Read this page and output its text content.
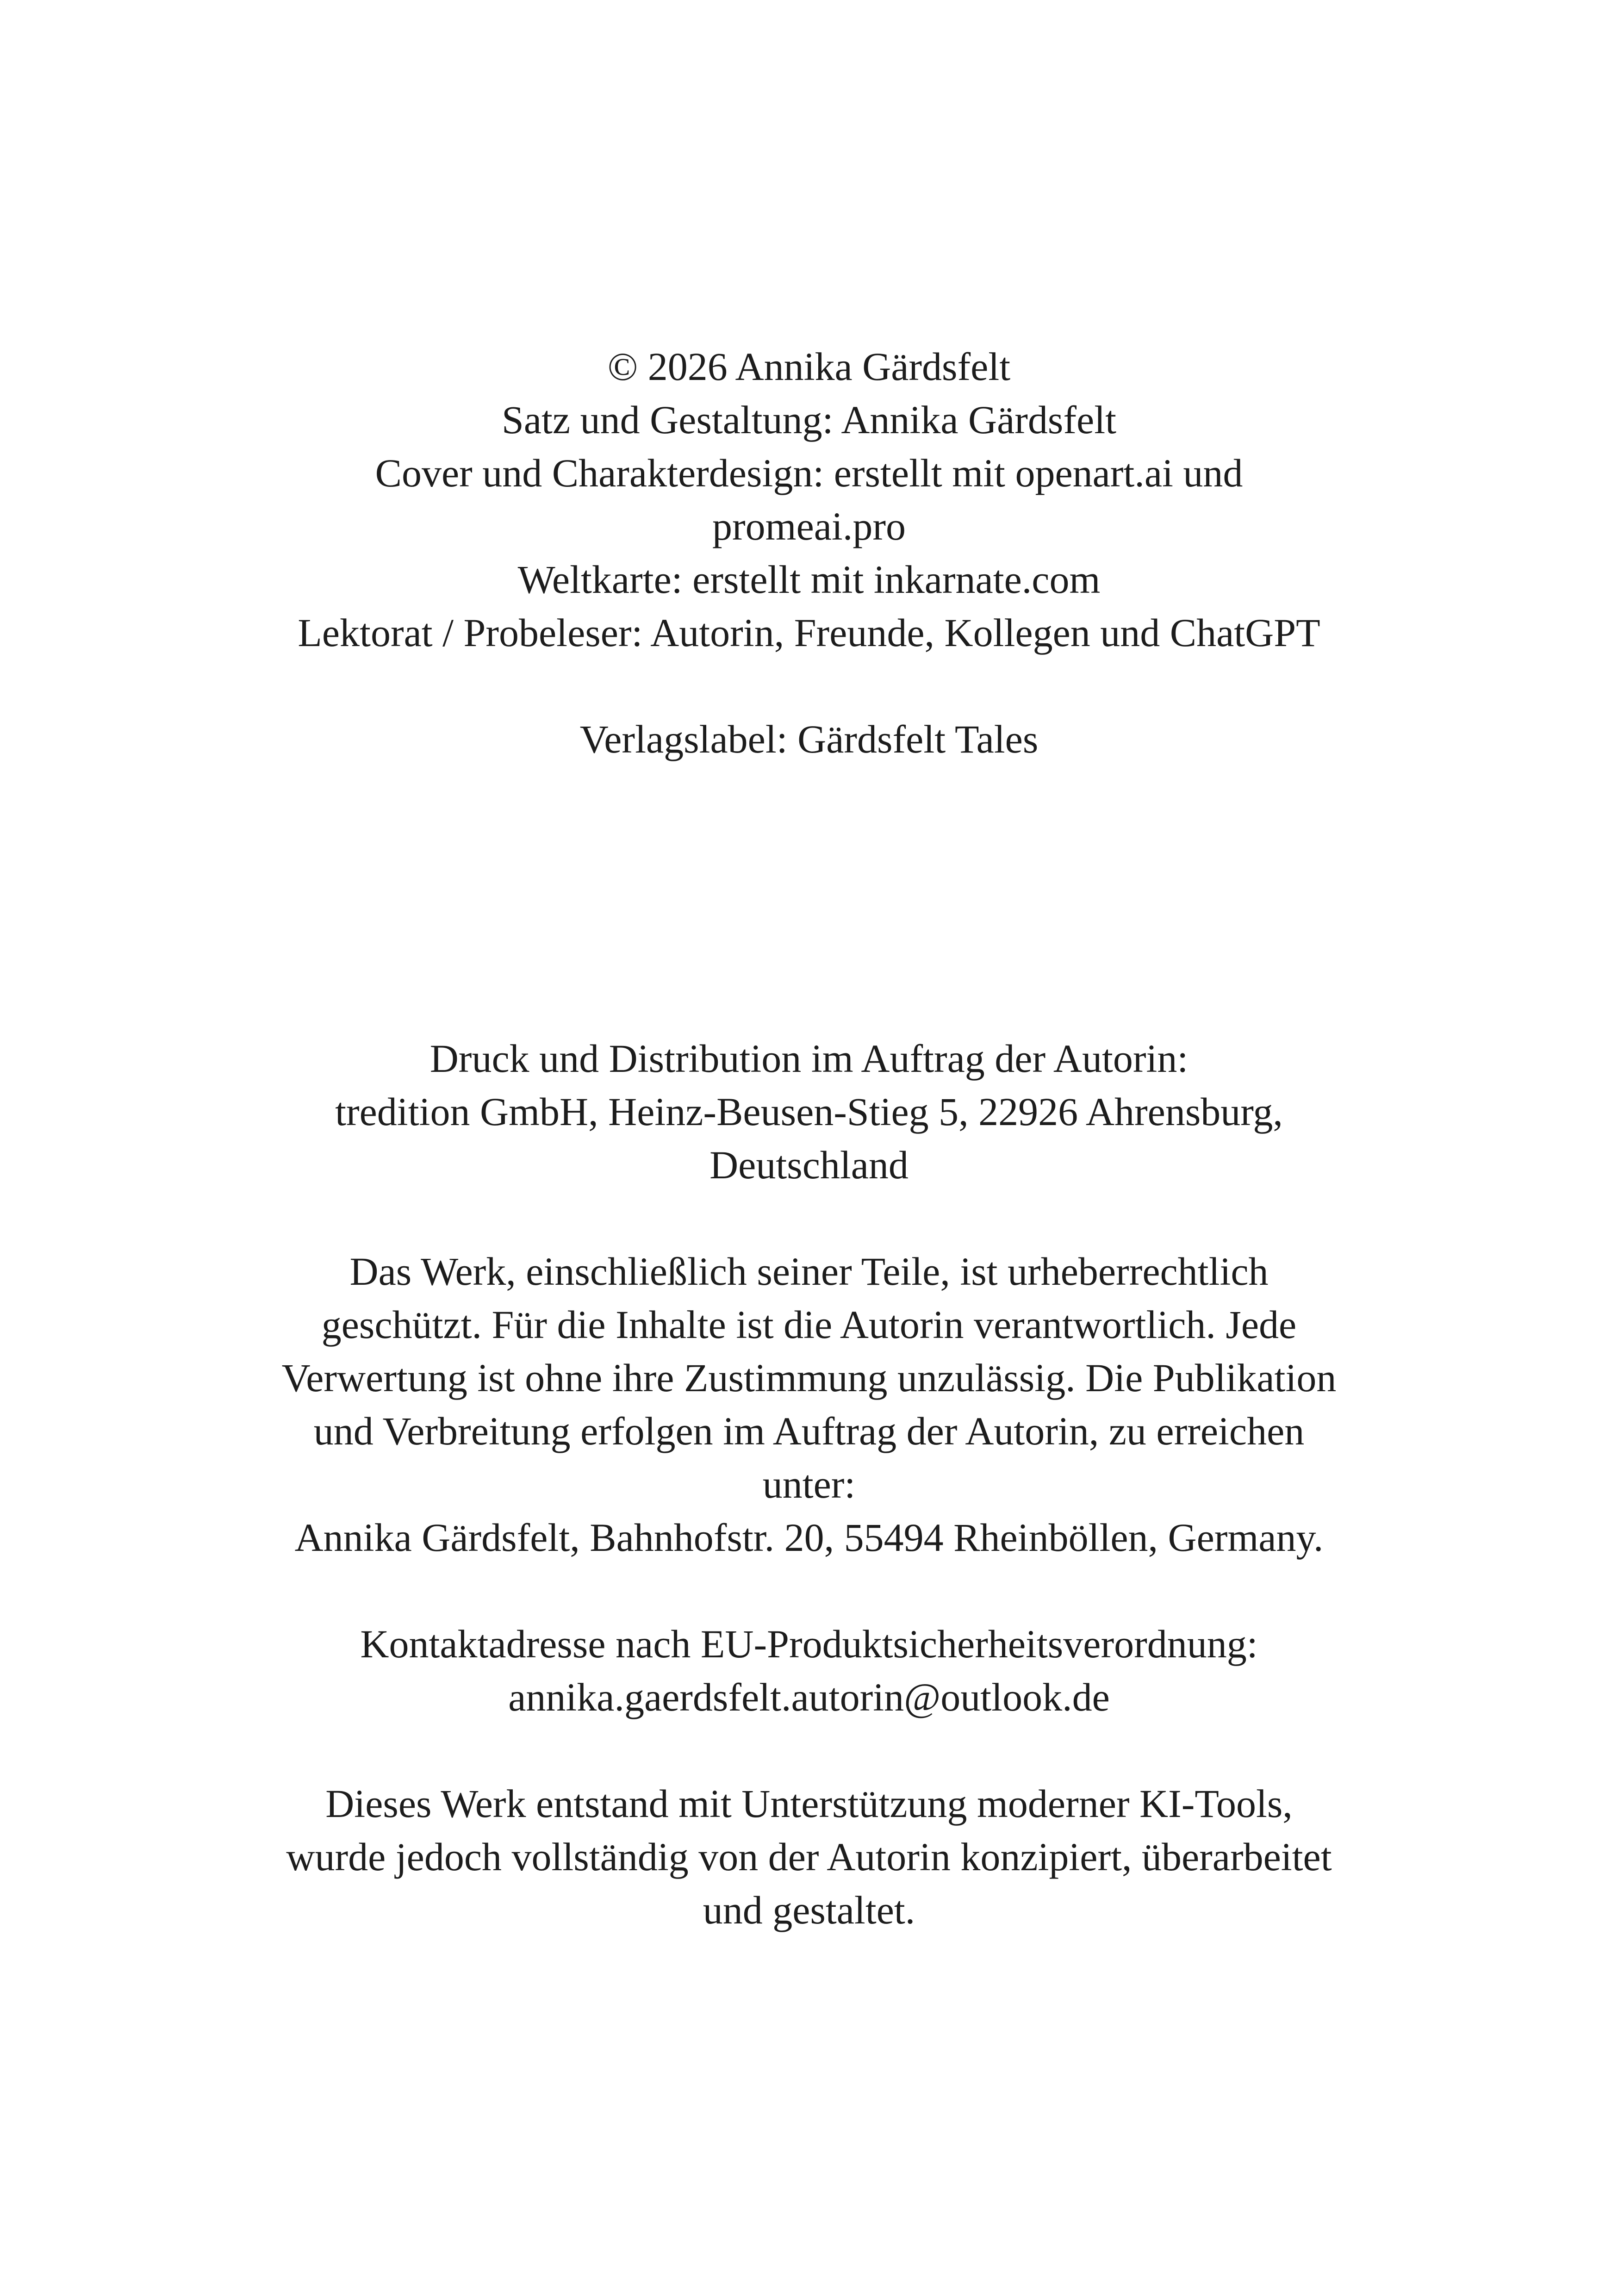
© 2026 Annika Gärdsfelt
Satz und Gestaltung: Annika Gärdsfelt
Cover und Charakterdesign: erstellt mit openart.ai und
promeai.pro
Weltkarte: erstellt mit inkarnate.com
Lektorat / Probeleser: Autorin, Freunde, Kollegen und ChatGPT
Verlagslabel: Gärdsfelt Tales
Druck und Distribution im Auftrag der Autorin:
tredition GmbH, Heinz-Beusen-Stieg 5, 22926 Ahrensburg,
Deutschland
Das Werk, einschließlich seiner Teile, ist urheberrechtlich
geschützt. Für die Inhalte ist die Autorin verantwortlich. Jede
Verwertung ist ohne ihre Zustimmung unzulässig. Die Publikation
und Verbreitung erfolgen im Auftrag der Autorin, zu erreichen
unter:
Annika Gärdsfelt, Bahnhofstr. 20, 55494 Rheinböllen, Germany.
Kontaktadresse nach EU-Produktsicherheitsverordnung:
annika.gaerdsfelt.autorin@outlook.de
Dieses Werk entstand mit Unterstützung moderner KI-Tools,
wurde jedoch vollständig von der Autorin konzipiert, überarbeitet
und gestaltet.
